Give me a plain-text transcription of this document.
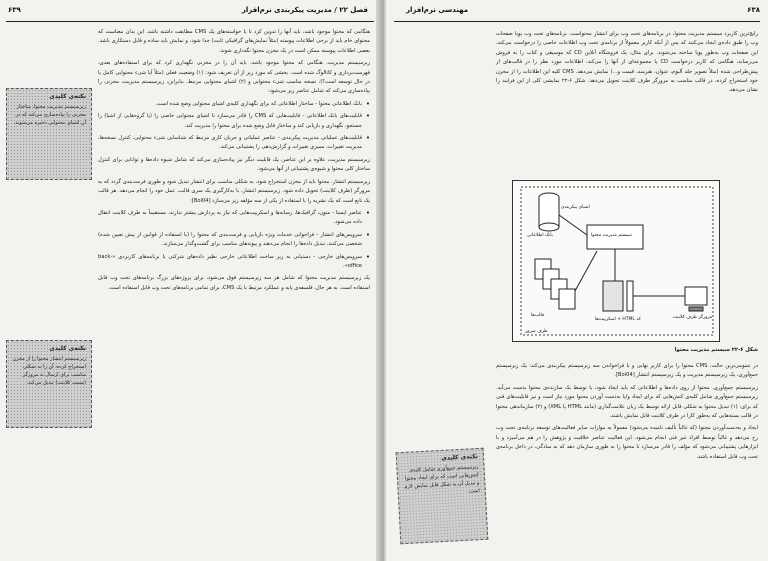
۶۳۹	فصل ۲۲ / مدیریت پیکربندی نرم‌افزار

هنگامی که محتوا موجود باشد، باید آنها را تدوین کرد تا با خواسته‌های یک CMS مطابقت داشته باشد. این بدان معناست که محتوای خام باید از برخی اطلاعات پیوسته (مثلاً نمایش‌های گرافیکی ثابت) جدا شود، و نمایش باید ساده و قابل دستکاری باشد. بعضی اطلاعات پیوسته ممکن است در یک مخزن محتوا نگه‌داری شوند.

زیرسیستم مدیریت. هنگامی که محتوا موجود باشد، باید آن را در مخزنی نگهداری کرد که برای استفاده‌های بعدی، فهرست‌برداری و کاتالوگ شده است. بخشی که مورد زیر از آن تعریف شود: (۱) وضعیت فعلی (مثلاً آیا شیء محتوایی کامل یا در حال توسعه است؟)، نسخه مناسب شیء محتوایی و (۲) اشیای محتوایی مرتبط. بنابراین، زیرسیستم مدیریت، مخزنی را پیاده‌سازی می‌کند که شامل عناصر زیر می‌شود:

• بانک اطلاعاتی محتوا - ساختار اطلاعاتی که برای نگهداری کلیه‌ی اشیای محتوایی وضع شده است.
• قابلیت‌های بانک اطلاعاتی - قابلیت‌هایی که CMS را قادر می‌سازد تا اشیای محتوایی خاصی را (یا گروه‌هایی از اشیا) را جستجو، نگهداری و بازیابی کند و ساختار فایل وضع شده برای محتوا را مدیریت کند.
• قابلیت‌های عملیاتی مدیریت پیکربندی - عناصر عملیاتی و جریان کاری مرتبط که شناسایی شیء محتوایی، کنترل نسخه‌ها، مدیریت تغییرات، ممیزی تغییرات و گزارش‌دهی را پشتیبانی می‌کند.

زیرسیستم مدیریت، علاوه بر این عناصر، یک قابلیت دیگر نیز پیاده‌سازی می‌کند که شامل شیوه داده‌ها و توانایی برای کنترل ساختار کلی محتوا و شیوه‌ی پشتیبانی از آنها می‌شود.

زیرسیستم انتشار. محتوا باید از مخزن استخراج شود، به شکلی مناسب برای انتشار تبدیل شود و طوری فرمت‌بندی گردد که به مرورگر (طرف کلاینت) تحویل داده شود. زیرسیستم انتشار، با به‌کارگیری یک سری قالب، عمل خود را انجام می‌دهد. هر قالب یک تابع است که یک نشریه را با استفاده از یکی از سه مؤلفه زیر می‌سازد [Boi04]:

• عناصر ایستا - متون، گرافیک‌ها، رسانه‌ها و اسکریپت‌هایی که نیاز به پردازش بیشتر ندارند، مستقیماً به طرف کلاینت انتقال داده می‌شود.
• سرویس‌های انتشار - فراخوانی خدمات ویژه بازیابی و فرمت‌بندی که محتوا را (با استفاده از قوانین از پیش تعیین شده) شخصی می‌کنند، تبدیل داده‌ها را انجام می‌دهند و پیوندهای مناسب برای گشت‌وگذار می‌سازند.
• سرویس‌های خارجی - دستیابی به زیر ساخت اطلاعاتی خارجی نظیر داده‌های شرکتی یا برنامه‌های کاربردی «back-office».

یک زیرسیستم مدیریت محتوا که شامل هر سه زیرسیستم فوق می‌شود، برای پروژه‌های بزرگ برنامه‌های تحت وب قابل استفاده است. به هر حال، فلسفه‌ی پایه و عملکرد مرتبط با یک CMS، برای تمامی برنامه‌های تحت وب قابل استفاده است.

نکته‌ی کلیدی
زیرسیستم مدیریت محتوا، ساختار مخزنی را پیاده‌سازی می‌کند که در آن اشیای محتوایی ذخیره می‌شوند.
نکته‌ی کلیدی
زیرسیستم انتشار محتوا را از مخزن استخراج کرده، آن را به شکلی مناسب برای ارسال به مرورگر (سمت کلاینت) تبدیل می‌کند.
۶۳۸
مهندسی نرم‌افزار

رایج‌ترین کاربرد سیستم مدیریت محتوا، در برنامه‌های تحت وب برای انتشار محتواست. برنامه‌های تحت وب پویا صفحات وب را طبق داده‌ی ایجاد می‌کنند که پس از آنکه کاربر معمولاً از برنامه‌ی تحت وب اطلاعات خاصی را درخواست می‌کند، این صفحات وب به‌طور پویا ساخته می‌شوند. برای مثال، یک فروشگاه آنلاین CD که موسیقی و کتاب را به فروش می‌رساند، هنگامی که کاربر درخواست CD یا مجموعه‌ای از آنها را می‌کند، اطلاعات مورد نظر را در قالب‌های از پیش‌طراحی شده (مثلاً تصویر جلد آلبوم، عنوان، هنرمند، قیمت و...) نمایش می‌دهد. CMS کلیه این اطلاعات را از مخزن خود استخراج کرده، در قالب مناسب به مرورگر طرف کلاینت تحویل می‌دهد. شکل ۶-۲۲ نمایشی کلی از این فرایند را نشان می‌دهد.

اشیای پیکربندی
بانک اطلاعاتی	سیستم مدیریت محتوا
قالب‌ها
کد HTML + اسکریپت‌ها	مرورگر طرف کلاینت
طرف سرور
شکل ۶-۲۲ سیستم مدیریت محتوا

در عمومی‌ترین حالت، CMS محتوا را برای کاربر نهایی و با فراخواندن سه زیرسیستم پیکربندی می‌کند: یک زیرسیستم جمع‌آوری، یک زیرسیستم مدیریت و یک زیرسیستم انتشار [Boi04].

زیرسیستم جمع‌آوری. محتوا از روی داده‌ها و اطلاعاتی که باید ایجاد شود، یا توسط یک سازنده‌ی محتوا بدست می‌آید. زیرسیستم جمع‌آوری شامل کلیه‌ی کنش‌هایی که برای ایجاد و/یا به‌دست آوردن محتوا مورد نیاز است و نیز قابلیت‌های فنی که برای: (۱) تبدیل محتوا به شکلی قابل ارائه توسط یک زبان علامت‌گذاری (مانند HTML یا XML) و (۲) سازماندهی محتوا در قالب بسته‌هایی که به‌طور کارا در طرف کلاینت قابل نمایش باشند.

ایجاد و به‌دست‌آوردن محتوا (که غالباً تألیف نامیده می‌شود) معمولاً به موازات سایر فعالیت‌های توسعه برنامه‌ی تحت وب رخ می‌دهد و غالباً توسط افراد غیر فنی انجام می‌شود. این فعالیت عناصر خلاقیت و پژوهش را در هم می‌آمیزد و با ابزارهایی پشتیبانی می‌شود که مؤلف را قادر می‌سازد تا محتوا را به طوری سازمان دهد که به سادگی، در داخل برنامه‌ی تحت وب قابل استفاده باشد.

نکته‌ی کلیدی
زیرسیستم جمع‌آوری شامل کلیه‌ی کنش‌هایی است که برای ایجاد محتوا و تبدیل آن به شکل قابل نمایش لازم است.
